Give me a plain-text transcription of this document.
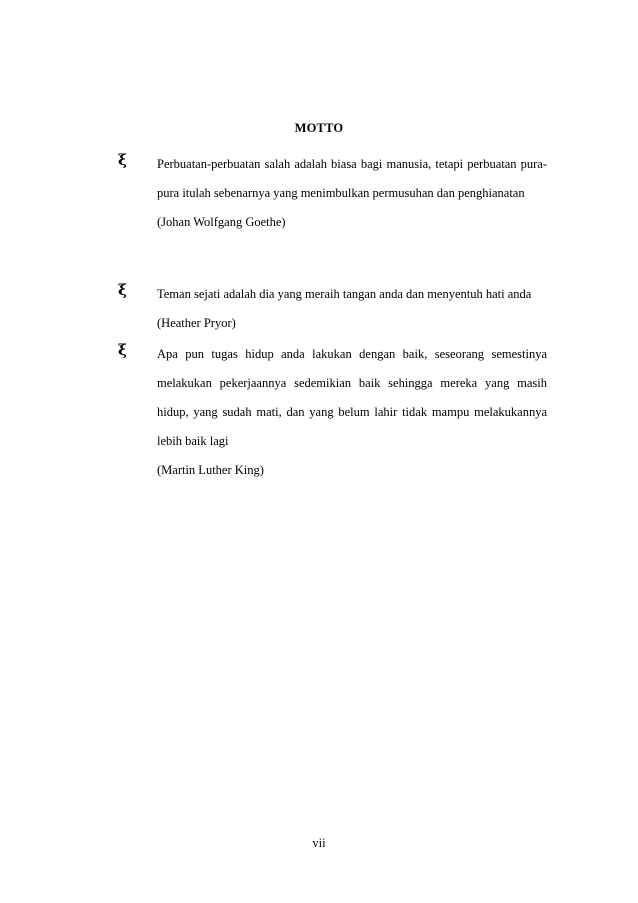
MOTTO
ξ Perbuatan-perbuatan salah adalah biasa bagi manusia, tetapi perbuatan pura-pura itulah sebenarnya yang menimbulkan permusuhan dan penghianatan
(Johan Wolfgang Goethe)
ξ Teman sejati adalah dia yang meraih tangan anda dan menyentuh hati anda
(Heather Pryor)
ξ Apa pun tugas hidup anda lakukan dengan baik, seseorang semestinya melakukan pekerjaannya sedemikian baik sehingga mereka yang masih hidup, yang sudah mati, dan yang belum lahir tidak mampu melakukannya lebih baik lagi
(Martin Luther King)
vii
